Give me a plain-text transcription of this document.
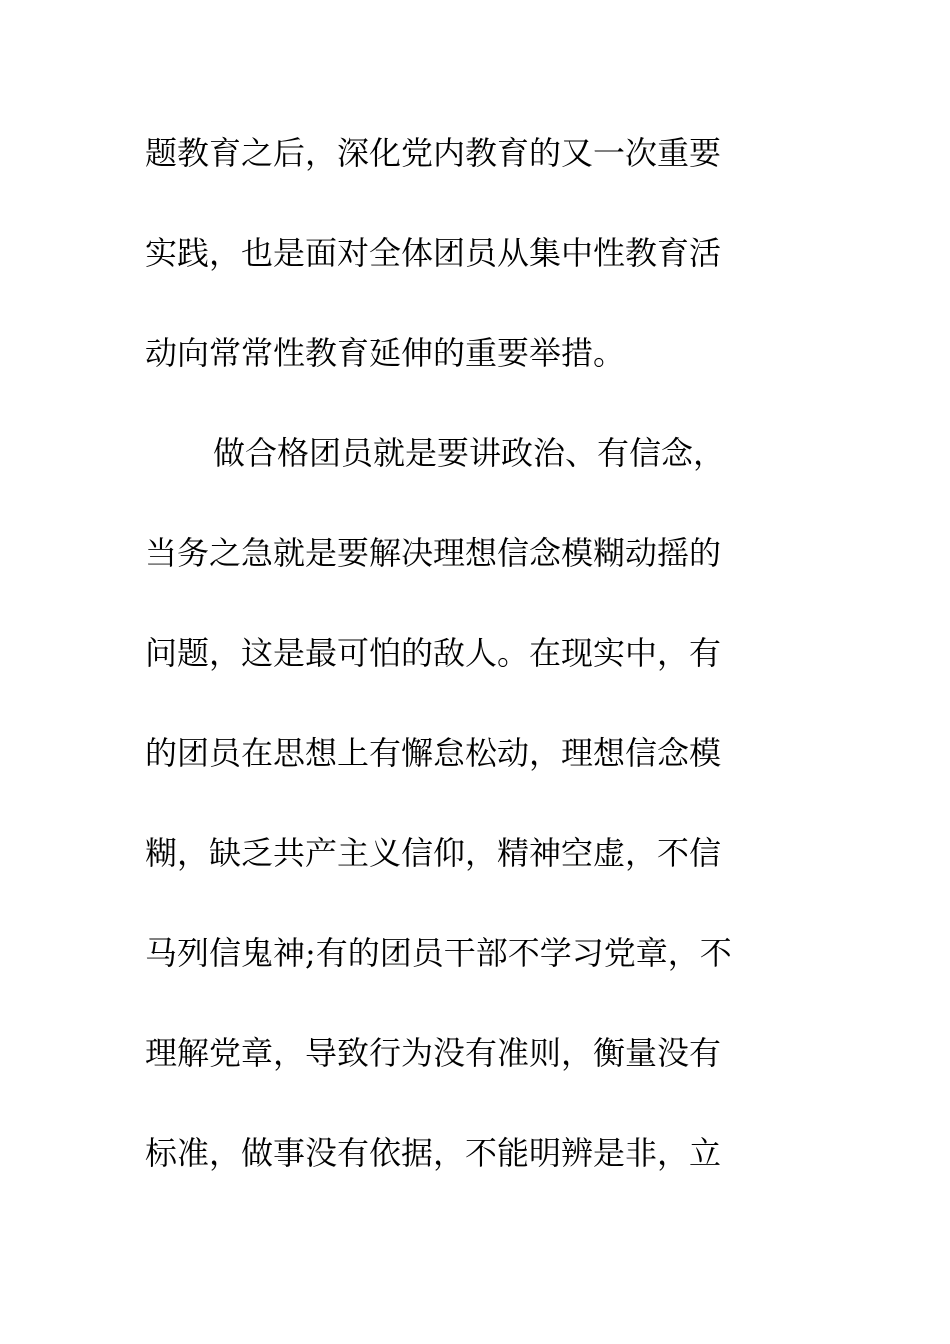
题教育之后，深化党内教育的又一次重要

实践，也是面对全体团员从集中性教育活

动向常常性教育延伸的重要举措。

做合格团员就是要讲政治、有信念，

当务之急就是要解决理想信念模糊动摇的

问题，这是最可怕的敌人。在现实中，有

的团员在思想上有懈怠松动，理想信念模

糊，缺乏共产主义信仰，精神空虚，不信

马列信鬼神;有的团员干部不学习党章，不

理解党章，导致行为没有准则，衡量没有

标准，做事没有依据，不能明辨是非，立
